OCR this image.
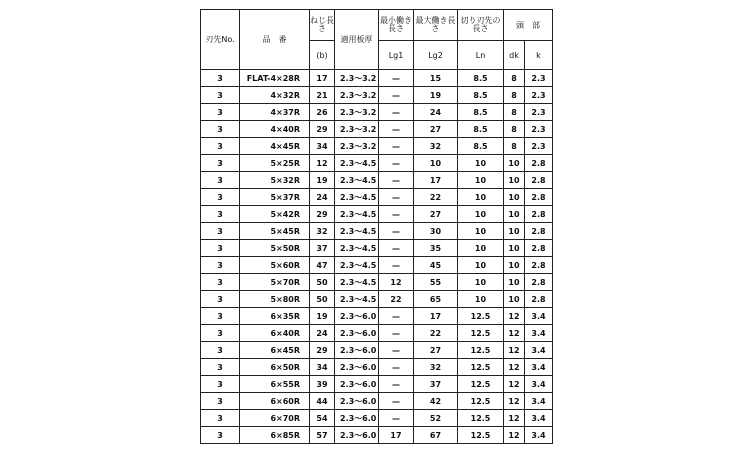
刃先No.	品　番	ねじ長さ	適用板厚	最小働き長さ	最大働き長さ	切り刃先の長さ	頭　部	
		(b)		Lg1	Lg2	Ln	dk	k
3	FLAT-4×28R	17	2.3〜3.2	—	15	8.5	8	2.3
3	4×32R	21	2.3〜3.2	—	19	8.5	8	2.3
3	4×37R	26	2.3〜3.2	—	24	8.5	8	2.3
3	4×40R	29	2.3〜3.2	—	27	8.5	8	2.3
3	4×45R	34	2.3〜3.2	—	32	8.5	8	2.3
3	5×25R	12	2.3〜4.5	—	10	10	10	2.8
3	5×32R	19	2.3〜4.5	—	17	10	10	2.8
3	5×37R	24	2.3〜4.5	—	22	10	10	2.8
3	5×42R	29	2.3〜4.5	—	27	10	10	2.8
3	5×45R	32	2.3〜4.5	—	30	10	10	2.8
3	5×50R	37	2.3〜4.5	—	35	10	10	2.8
3	5×60R	47	2.3〜4.5	—	45	10	10	2.8
3	5×70R	50	2.3〜4.5	12	55	10	10	2.8
3	5×80R	50	2.3〜4.5	22	65	10	10	2.8
3	6×35R	19	2.3〜6.0	—	17	12.5	12	3.4
3	6×40R	24	2.3〜6.0	—	22	12.5	12	3.4
3	6×45R	29	2.3〜6.0	—	27	12.5	12	3.4
3	6×50R	34	2.3〜6.0	—	32	12.5	12	3.4
3	6×55R	39	2.3〜6.0	—	37	12.5	12	3.4
3	6×60R	44	2.3〜6.0	—	42	12.5	12	3.4
3	6×70R	54	2.3〜6.0	—	52	12.5	12	3.4
3	6×85R	57	2.3〜6.0	17	67	12.5	12	3.4
